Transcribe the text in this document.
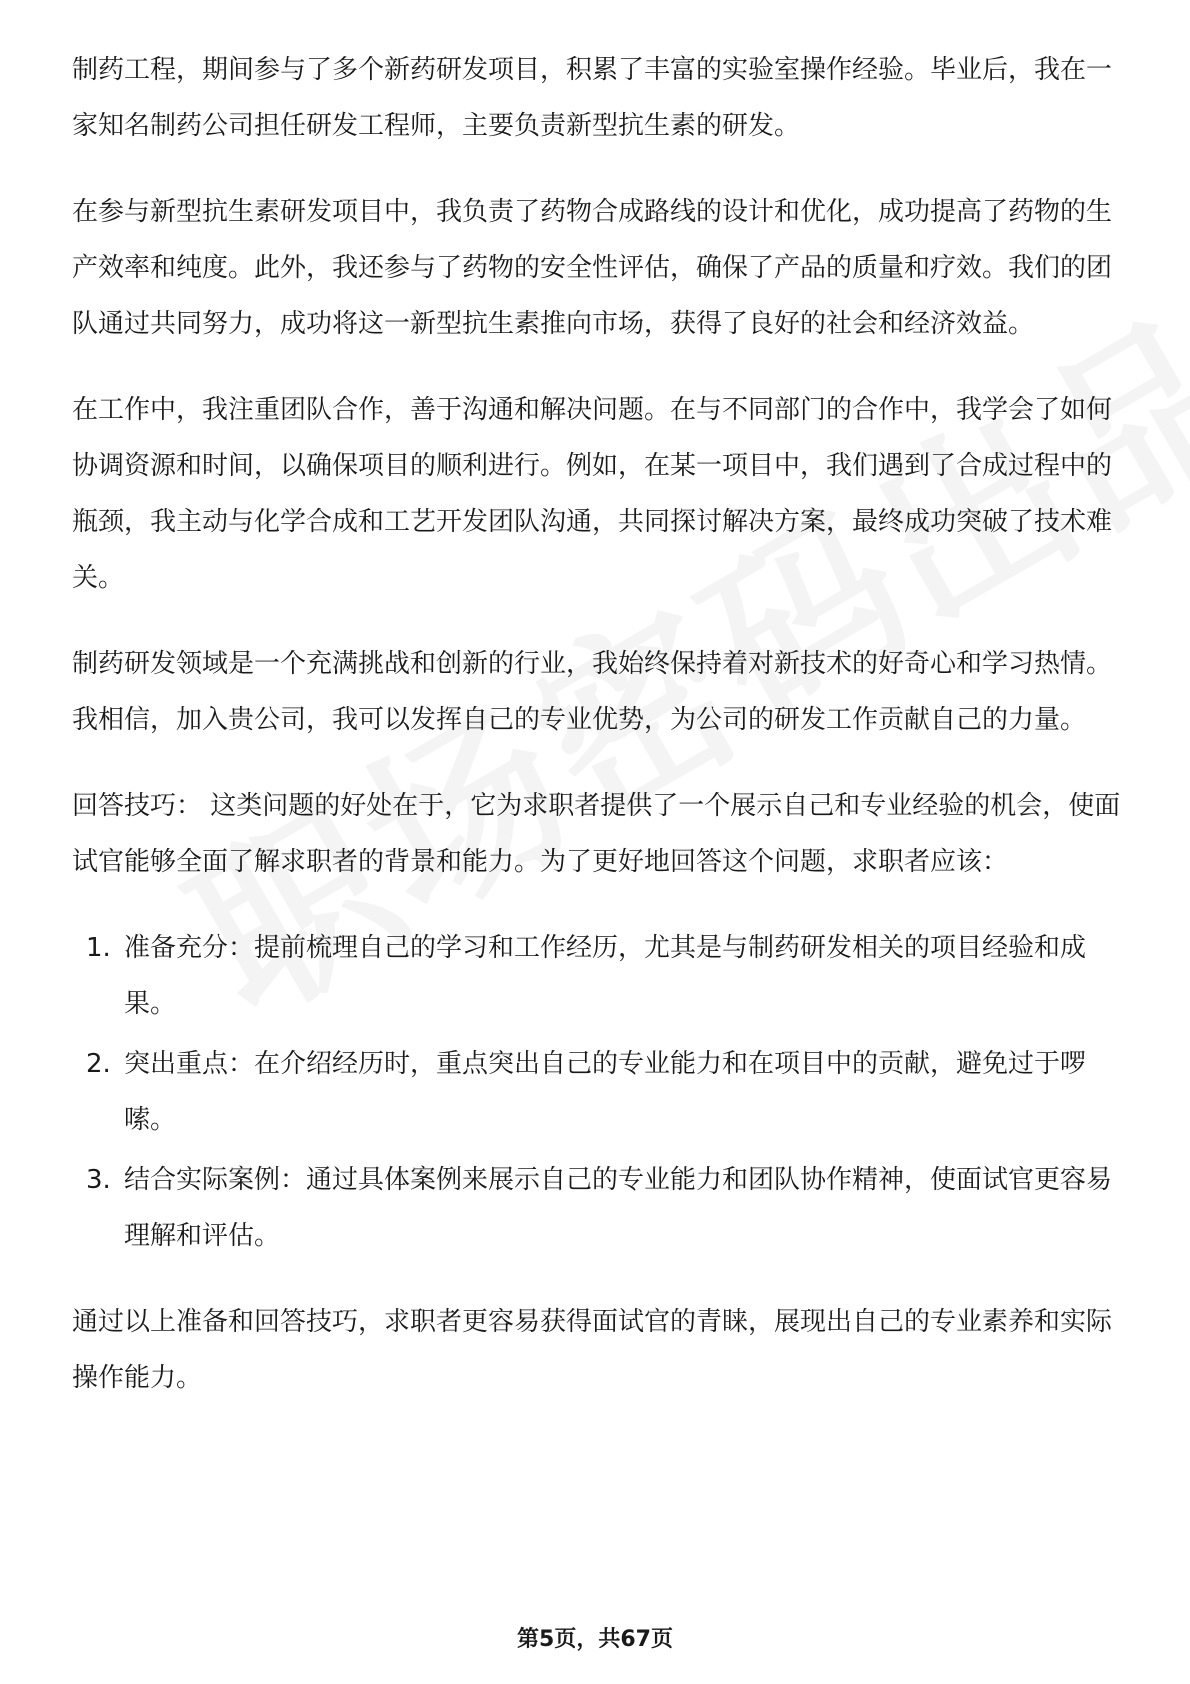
制药工程，期间参与了多个新药研发项目，积累了丰富的实验室操作经验。毕业后，我在一家知名制药公司担任研发工程师，主要负责新型抗生素的研发。

在参与新型抗生素研发项目中，我负责了药物合成路线的设计和优化，成功提高了药物的生产效率和纯度。此外，我还参与了药物的安全性评估，确保了产品的质量和疗效。我们的团队通过共同努力，成功将这一新型抗生素推向市场，获得了良好的社会和经济效益。

在工作中，我注重团队合作，善于沟通和解决问题。在与不同部门的合作中，我学会了如何协调资源和时间，以确保项目的顺利进行。例如，在某一项目中，我们遇到了合成过程中的瓶颈，我主动与化学合成和工艺开发团队沟通，共同探讨解决方案，最终成功突破了技术难关。

制药研发领域是一个充满挑战和创新的行业，我始终保持着对新技术的好奇心和学习热情。我相信，加入贵公司，我可以发挥自己的专业优势，为公司的研发工作贡献自己的力量。

回答技巧： 这类问题的好处在于，它为求职者提供了一个展示自己和专业经验的机会，使面试官能够全面了解求职者的背景和能力。为了更好地回答这个问题，求职者应该：

1. 准备充分：提前梳理自己的学习和工作经历，尤其是与制药研发相关的项目经验和成果。
2. 突出重点：在介绍经历时，重点突出自己的专业能力和在项目中的贡献，避免过于啰嗦。
3. 结合实际案例：通过具体案例来展示自己的专业能力和团队协作精神，使面试官更容易理解和评估。

通过以上准备和回答技巧，求职者更容易获得面试官的青睐，展现出自己的专业素养和实际操作能力。

第5页，共67页
